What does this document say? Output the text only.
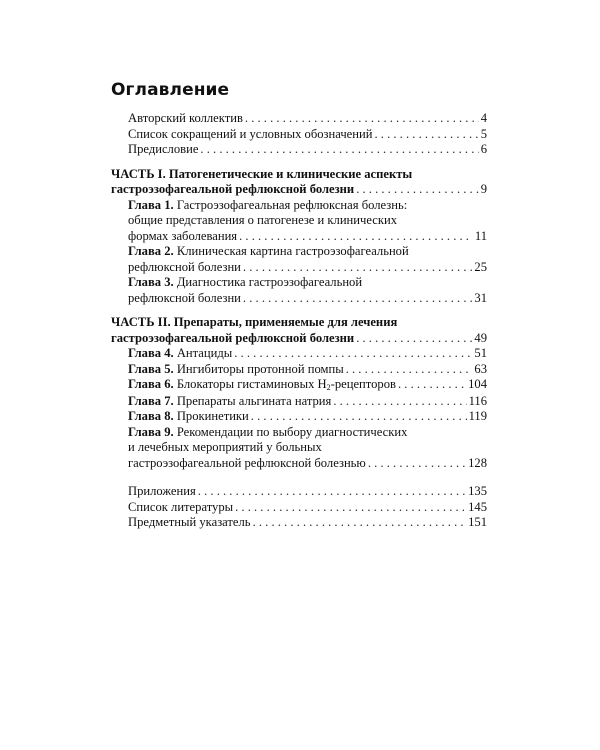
Оглавление
Авторский коллектив . . .	4
Список сокращений и условных обозначений . . .	5
Предисловие . . .	6
ЧАСТЬ I. Патогенетические и клинические аспекты
гастроэзофагеальной рефлюксной болезни . . .	9
Глава 1. Гастроэзофагеальная рефлюксная болезнь:
общие представления о патогенезе и клинических
формах заболевания . . .	11
Глава 2. Клиническая картина гастроэзофагеальной
рефлюксной болезни . . .	25
Глава 3. Диагностика гастроэзофагеальной
рефлюксной болезни . . .	31
ЧАСТЬ II. Препараты, применяемые для лечения
гастроэзофагеальной рефлюксной болезни . . .	49
Глава 4. Антациды . . .	51
Глава 5. Ингибиторы протонной помпы . . .	63
Глава 6. Блокаторы гистаминовых $H_2$-рецепторов . . .	104
Глава 7. Препараты альгината натрия . . .	116
Глава 8. Прокинетики . . .	119
Глава 9. Рекомендации по выбору диагностических
и лечебных мероприятий у больных
гастроэзофагеальной рефлюксной болезнью . . .	128
Приложения . . .	135
Список литературы . . .	145
Предметный указатель . . .	151
